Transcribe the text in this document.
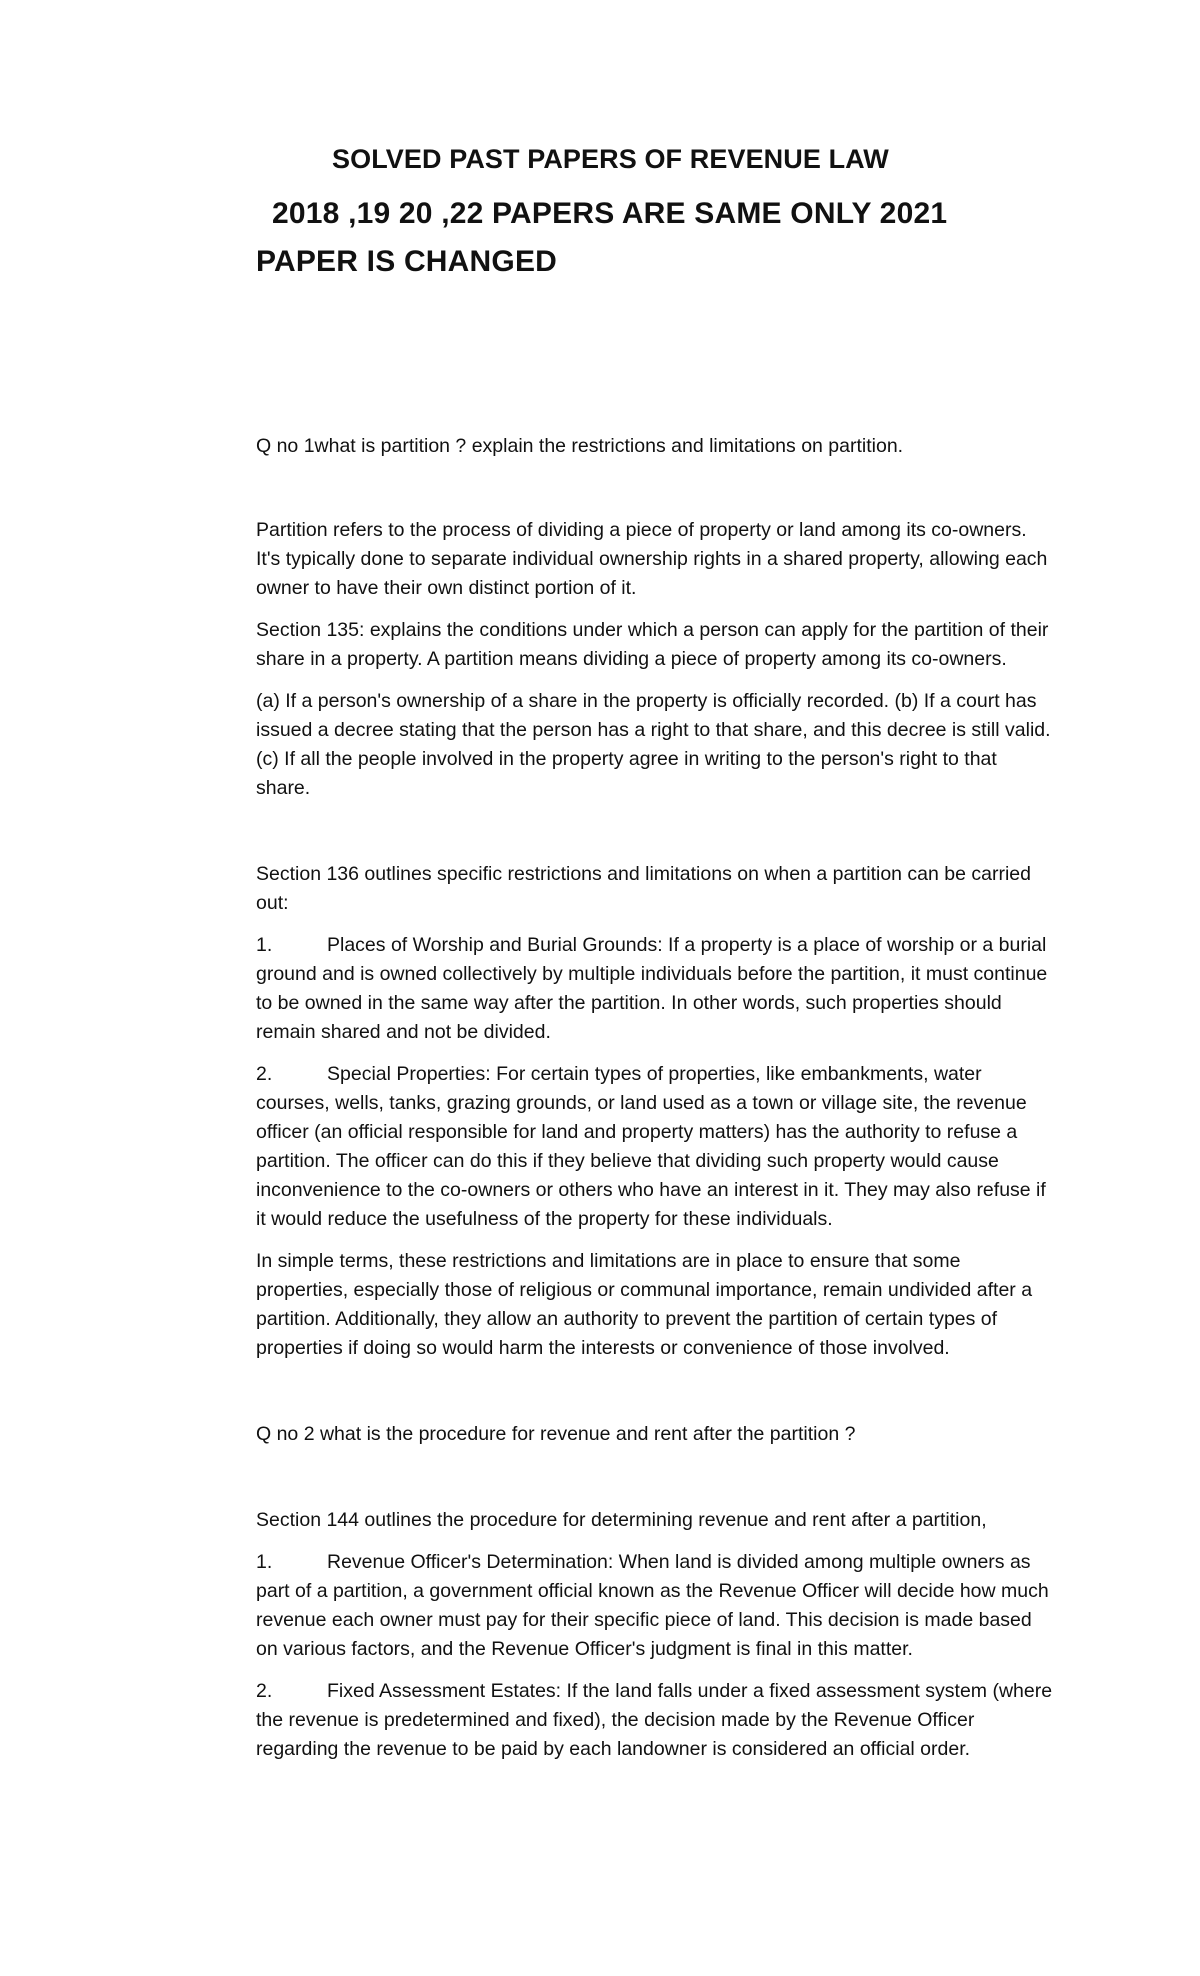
SOLVED PAST PAPERS OF REVENUE LAW
2018 ,19 20 ,22 PAPERS ARE SAME ONLY 2021 PAPER IS CHANGED

Q no 1what is partition ? explain the restrictions and limitations on partition.

Partition refers to the process of dividing a piece of property or land among its co-owners. It's typically done to separate individual ownership rights in a shared property, allowing each owner to have their own distinct portion of it.

Section 135: explains the conditions under which a person can apply for the partition of their share in a property. A partition means dividing a piece of property among its co-owners.

(a) If a person's ownership of a share in the property is officially recorded. (b) If a court has issued a decree stating that the person has a right to that share, and this decree is still valid. (c) If all the people involved in the property agree in writing to the person's right to that share.

Section 136 outlines specific restrictions and limitations on when a partition can be carried out:

1.	Places of Worship and Burial Grounds: If a property is a place of worship or a burial ground and is owned collectively by multiple individuals before the partition, it must continue to be owned in the same way after the partition. In other words, such properties should remain shared and not be divided.

2.	Special Properties: For certain types of properties, like embankments, water courses, wells, tanks, grazing grounds, or land used as a town or village site, the revenue officer (an official responsible for land and property matters) has the authority to refuse a partition. The officer can do this if they believe that dividing such property would cause inconvenience to the co-owners or others who have an interest in it. They may also refuse if it would reduce the usefulness of the property for these individuals.

In simple terms, these restrictions and limitations are in place to ensure that some properties, especially those of religious or communal importance, remain undivided after a partition. Additionally, they allow an authority to prevent the partition of certain types of properties if doing so would harm the interests or convenience of those involved.

Q no 2 what is the procedure for revenue and rent after the partition ?

Section 144 outlines the procedure for determining revenue and rent after a partition,

1.	Revenue Officer's Determination: When land is divided among multiple owners as part of a partition, a government official known as the Revenue Officer will decide how much revenue each owner must pay for their specific piece of land. This decision is made based on various factors, and the Revenue Officer's judgment is final in this matter.

2.	Fixed Assessment Estates: If the land falls under a fixed assessment system (where the revenue is predetermined and fixed), the decision made by the Revenue Officer regarding the revenue to be paid by each landowner is considered an official order.
